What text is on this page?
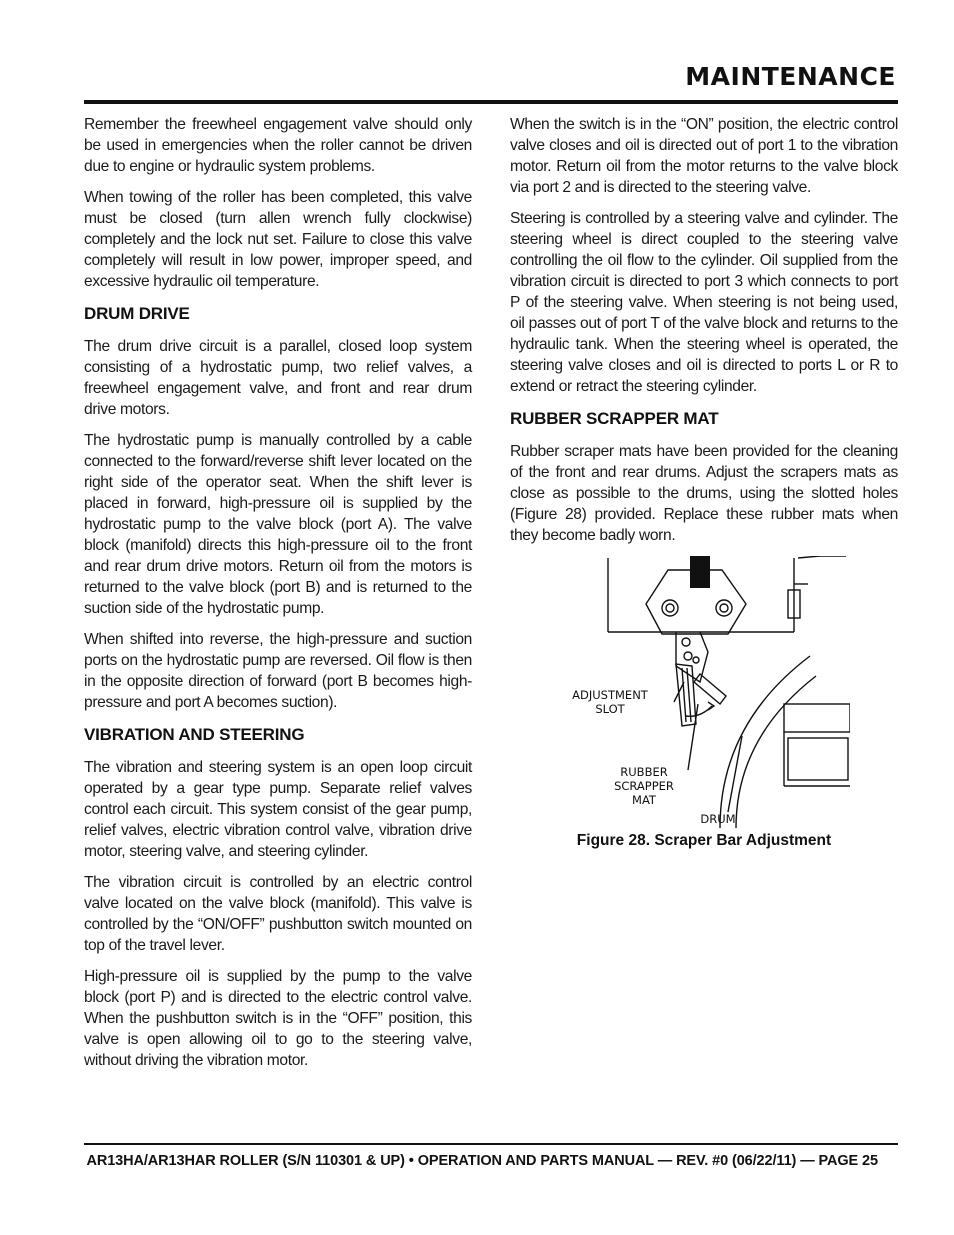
MAINTENANCE

Remember the freewheel engagement valve should only be used in emergencies when the roller cannot be driven due to engine or hydraulic system problems.

When towing of the roller has been completed, this valve must be closed (turn allen wrench fully clockwise) completely and the lock nut set. Failure to close this valve completely will result in low power, improper speed, and excessive hydraulic oil temperature.

DRUM DRIVE

The drum drive circuit is a parallel, closed loop system consisting of a hydrostatic pump, two relief valves, a freewheel engagement valve, and front and rear drum drive motors.

The hydrostatic pump is manually controlled by a cable connected to the forward/reverse shift lever located on the right side of the operator seat. When the shift lever is placed in forward, high-pressure oil is supplied by the hydrostatic pump to the valve block (port A). The valve block (manifold) directs this high-pressure oil to the front and rear drum drive motors. Return oil from the motors is returned to the valve block (port B) and is returned to the suction side of the hydrostatic pump.

When shifted into reverse, the high-pressure and suction ports on the hydrostatic pump are reversed. Oil flow is then in the opposite direction of forward (port B becomes high-pressure and port A becomes suction).

VIBRATION AND STEERING

The vibration and steering system is an open loop circuit operated by a gear type pump. Separate relief valves control each circuit. This system consist of the gear pump, relief valves, electric vibration control valve, vibration drive motor, steering valve, and steering cylinder.

The vibration circuit is controlled by an electric control valve located on the valve block (manifold). This valve is controlled by the “ON/OFF” pushbutton switch mounted on top of the travel lever.

High-pressure oil is supplied by the pump to the valve block (port P) and is directed to the electric control valve. When the pushbutton switch is in the “OFF” position, this valve is open allowing oil to go to the steering valve, without driving the vibration motor.

When the switch is in the “ON” position, the electric control valve closes and oil is directed out of port 1 to the vibration motor. Return oil from the motor returns to the valve block via port 2 and is directed to the steering valve.

Steering is controlled by a steering valve and cylinder. The steering wheel is direct coupled to the steering valve controlling the oil flow to the cylinder. Oil supplied from the vibration circuit is directed to port 3 which connects to port P of the steering valve. When steering is not being used, oil passes out of port T of the valve block and returns to the hydraulic tank. When the steering wheel is operated, the steering valve closes and oil is directed to ports L or R to extend or retract the steering cylinder.

RUBBER SCRAPPER MAT

Rubber scraper mats have been provided for the cleaning of the front and rear drums. Adjust the scrapers mats as close as possible to the drums, using the slotted holes (Figure 28) provided. Replace these rubber mats when they become badly worn.

ADJUSTMENT
SLOT
RUBBER
SCRAPPER
MAT
DRUM
Figure 28. Scraper Bar Adjustment
AR13HA/AR13HAR ROLLER (S/N 110301 & UP) • OPERATION AND PARTS MANUAL — REV. #0 (06/22/11) — PAGE 25
